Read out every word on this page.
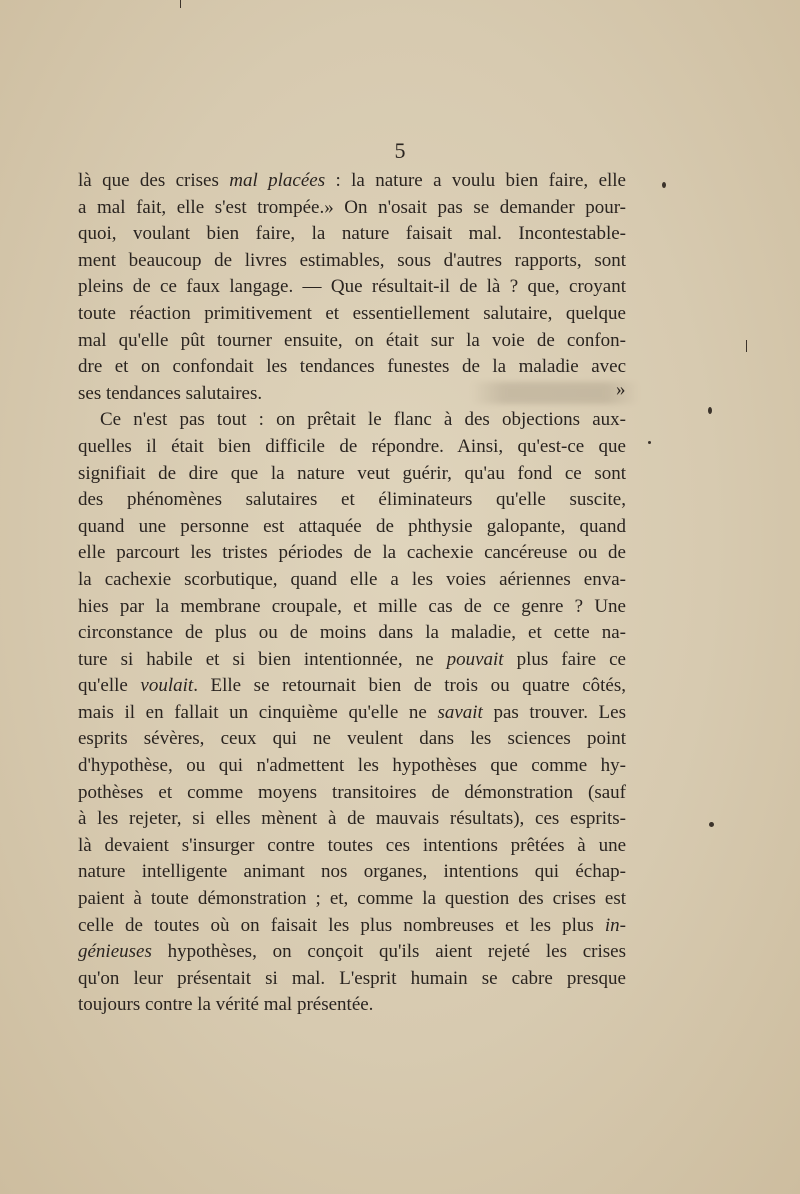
5
là que des crises mal placées : la nature a voulu bien faire, elle
a mal fait, elle s'est trompée.» On n'osait pas se demander pour-
quoi, voulant bien faire, la nature faisait mal. Incontestable-
ment beaucoup de livres estimables, sous d'autres rapports, sont
pleins de ce faux langage. — Que résultait-il de là ? que, croyant
toute réaction primitivement et essentiellement salutaire, quelque
mal qu'elle pût tourner ensuite, on était sur la voie de confon-
dre et on confondait les tendances funestes de la maladie avec
ses tendances salutaires.
Ce n'est pas tout : on prêtait le flanc à des objections aux-
quelles il était bien difficile de répondre. Ainsi, qu'est-ce que
signifiait de dire que la nature veut guérir, qu'au fond ce sont
des phénomènes salutaires et éliminateurs qu'elle suscite,
quand une personne est attaquée de phthysie galopante, quand
elle parcourt les tristes périodes de la cachexie cancéreuse ou de
la cachexie scorbutique, quand elle a les voies aériennes enva-
hies par la membrane croupale, et mille cas de ce genre ? Une
circonstance de plus ou de moins dans la maladie, et cette na-
ture si habile et si bien intentionnée, ne pouvait plus faire ce
qu'elle voulait. Elle se retournait bien de trois ou quatre côtés,
mais il en fallait un cinquième qu'elle ne savait pas trouver. Les
esprits sévères, ceux qui ne veulent dans les sciences point
d'hypothèse, ou qui n'admettent les hypothèses que comme hy-
pothèses et comme moyens transitoires de démonstration (sauf
à les rejeter, si elles mènent à de mauvais résultats), ces esprits-
là devaient s'insurger contre toutes ces intentions prêtées à une
nature intelligente animant nos organes, intentions qui échap-
paient à toute démonstration ; et, comme la question des crises est
celle de toutes où on faisait les plus nombreuses et les plus in-
génieuses hypothèses, on conçoit qu'ils aient rejeté les crises
qu'on leur présentait si mal. L'esprit humain se cabre presque
toujours contre la vérité mal présentée.
»
